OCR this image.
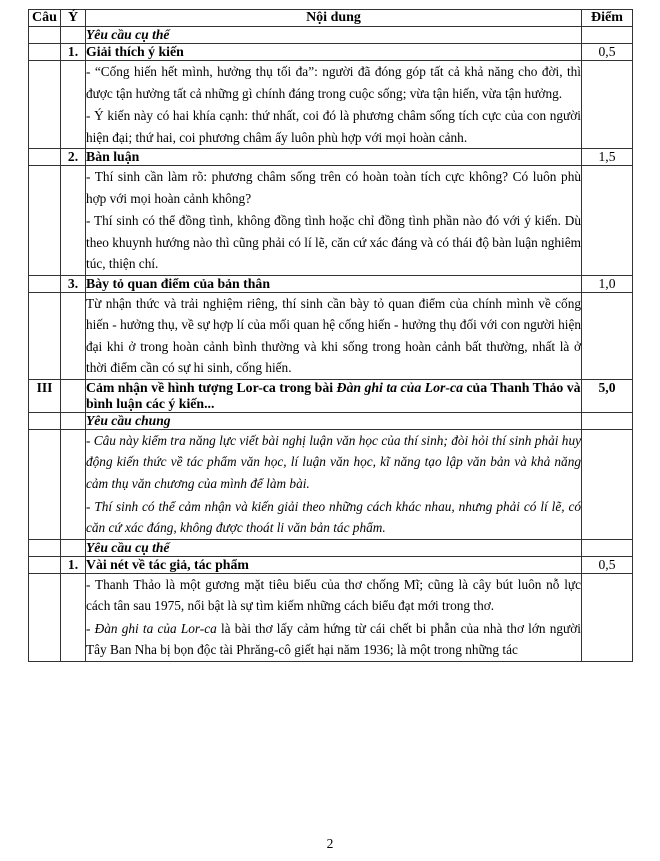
Câu	Ý	Nội dung	Điểm
		Yêu cầu cụ thể	
	1.	Giải thích ý kiến	0,5

		- “Cống hiến hết mình, hưởng thụ tối đa”: người đã đóng góp tất cả khả năng cho đời, thì được tận hưởng tất cả những gì chính đáng trong cuộc sống; vừa tận hiến, vừa tận hưởng.
- Ý kiến này có hai khía cạnh: thứ nhất, coi đó là phương châm sống tích cực của con người hiện đại; thứ hai, coi phương châm ấy luôn phù hợp với mọi hoàn cảnh.	

	2.	Bàn luận	1,5

		- Thí sinh cần làm rõ: phương châm sống trên có hoàn toàn tích cực không? Có luôn phù hợp với mọi hoàn cảnh không?
- Thí sinh có thể đồng tình, không đồng tình hoặc chỉ đồng tình phần nào đó với ý kiến. Dù theo khuynh hướng nào thì cũng phải có lí lẽ, căn cứ xác đáng và có thái độ bàn luận nghiêm túc, thiện chí.	

	3.	Bày tỏ quan điểm của bản thân	1,0

		Từ nhận thức và trải nghiệm riêng, thí sinh cần bày tỏ quan điểm của chính mình về cống hiến - hưởng thụ, về sự hợp lí của mối quan hệ cống hiến - hưởng thụ đối với con người hiện đại khi ở trong hoàn cảnh bình thường và khi sống trong hoàn cảnh bất thường, nhất là ở thời điểm cần có sự hi sinh, cống hiến.	

III		Cảm nhận về hình tượng Lor-ca trong bài Đàn ghi ta của Lor-ca của Thanh Thảo và bình luận các ý kiến...	5,0
		Yêu cầu chung	

		- Câu này kiểm tra năng lực viết bài nghị luận văn học của thí sinh; đòi hỏi thí sinh phải huy động kiến thức về tác phẩm văn học, lí luận văn học, kĩ năng tạo lập văn bản và khả năng cảm thụ văn chương của mình để làm bài.
- Thí sinh có thể cảm nhận và kiến giải theo những cách khác nhau, nhưng phải có lí lẽ, có căn cứ xác đáng, không được thoát li văn bản tác phẩm.	

		Yêu cầu cụ thể	
	1.	Vài nét về tác giả, tác phẩm	0,5

		- Thanh Thảo là một gương mặt tiêu biểu của thơ chống Mĩ; cũng là cây bút luôn nỗ lực cách tân sau 1975, nổi bật là sự tìm kiếm những cách biểu đạt mới trong thơ.
- Đàn ghi ta của Lor-ca là bài thơ lấy cảm hứng từ cái chết bi phẫn của nhà thơ lớn người Tây Ban Nha bị bọn độc tài Phrăng-cô giết hại năm 1936; là một trong những tác	

2
